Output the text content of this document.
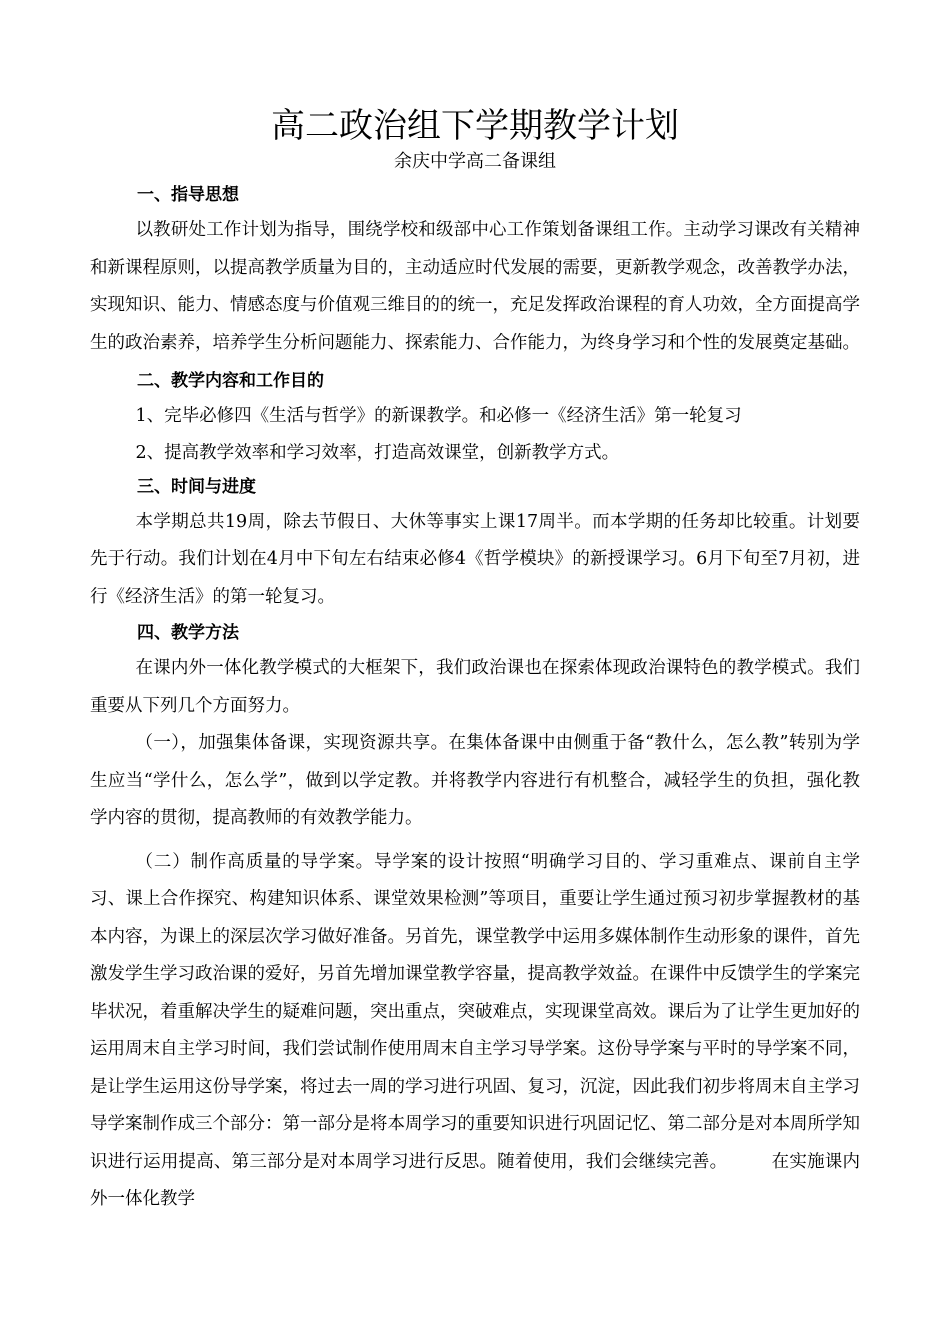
高二政治组下学期教学计划
余庆中学高二备课组
一、指导思想

以教研处工作计划为指导，围绕学校和级部中心工作策划备课组工作。主动学习课改有关精神和新课程原则，以提高教学质量为目的，主动适应时代发展的需要，更新教学观念，改善教学办法，实现知识、能力、情感态度与价值观三维目的的统一，充足发挥政治课程的育人功效，全方面提高学生的政治素养，培养学生分析问题能力、探索能力、合作能力，为终身学习和个性的发展奠定基础。

二、教学内容和工作目的

1、完毕必修四《生活与哲学》的新课教学。和必修一《经济生活》第一轮复习

2、提高教学效率和学习效率，打造高效课堂，创新教学方式。

三、时间与进度

本学期总共19周，除去节假日、大休等事实上课17周半。而本学期的任务却比较重。计划要先于行动。我们计划在4月中下旬左右结束必修4《哲学模块》的新授课学习。6月下旬至7月初，进行《经济生活》的第一轮复习。

四、教学方法

在课内外一体化教学模式的大框架下，我们政治课也在探索体现政治课特色的教学模式。我们重要从下列几个方面努力。

（一），加强集体备课，实现资源共享。在集体备课中由侧重于备“教什么，怎么教”转别为学生应当“学什么，怎么学”，做到以学定教。并将教学内容进行有机整合，减轻学生的负担，强化教学内容的贯彻，提高教师的有效教学能力。

（二）制作高质量的导学案。导学案的设计按照“明确学习目的、学习重难点、课前自主学习、课上合作探究、构建知识体系、课堂效果检测”等项目，重要让学生通过预习初步掌握教材的基本内容，为课上的深层次学习做好准备。另首先，课堂教学中运用多媒体制作生动形象的课件，首先激发学生学习政治课的爱好，另首先增加课堂教学容量，提高教学效益。在课件中反馈学生的学案完毕状况，着重解决学生的疑难问题，突出重点，突破难点，实现课堂高效。课后为了让学生更加好的运用周末自主学习时间，我们尝试制作使用周末自主学习导学案。这份导学案与平时的导学案不同，是让学生运用这份导学案，将过去一周的学习进行巩固、复习，沉淀，因此我们初步将周末自主学习导学案制作成三个部分：第一部分是将本周学习的重要知识进行巩固记忆、第二部分是对本周所学知识进行运用提高、第三部分是对本周学习进行反思。随着使用，我们会继续完善。　　　在实施课内外一体化教学
